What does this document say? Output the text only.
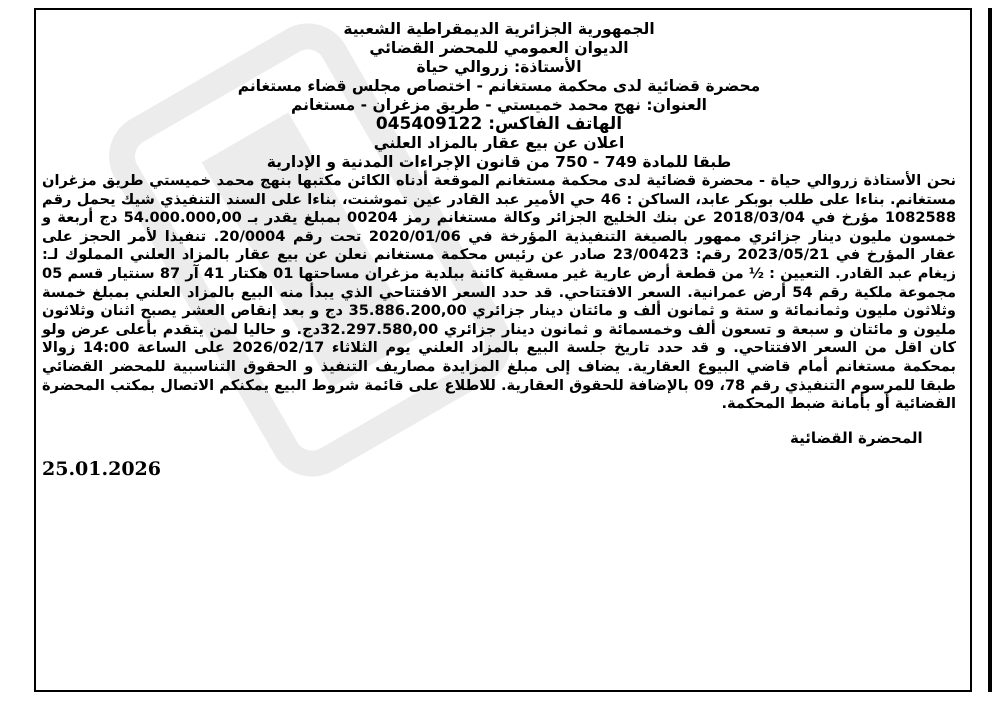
الجمهورية الجزائرية الديمقراطية الشعبية
الديوان العمومي للمحضر القضائي
الأستاذة: زروالي حياة
محضرة قضائية لدى محكمة مستغانم - اختصاص مجلس قضاء مستغانم
العنوان: نهج محمد خميستي - طريق مزغران - مستغانم
الهاتف الفاكس: 045409122
اعلان عن بيع عقار بالمزاد العلني
طبقا للمادة 749 - 750 من قانون الإجراءات المدنية و الإدارية
نحن الأستاذة زروالي حياة - محضرة قضائية لدى محكمة مستغانم الموقعة أدناه الكائن مكتبها بنهج محمد خميستي طريق مزغران مستغانم. بناءا على طلب بوبكر عابد، الساكن : 46 حي الأمير عبد القادر عين تموشنت، بناءا على السند التنفيذي شيك يحمل رقم 1082588 مؤرخ في 2018/03/04 عن بنك الخليج الجزائر وكالة مستغانم رمز 00204 بمبلغ يقدر بـ 54.000.000,00 دج أربعة و خمسون مليون دينار جزائري ممهور بالصيغة التنفيذية المؤرخة في 2020/01/06 تحت رقم 20/0004. تنفيذا لأمر الحجز على عقار المؤرخ في 2023/05/21 رقم: 23/00423 صادر عن رئيس محكمة مستغانم نعلن عن بيع عقار بالمزاد العلني المملوك لـ: زيغام عبد القادر. التعيين : ½ من قطعة أرض عارية غير مسقية كائنة ببلدية مزغران مساحتها 01 هكتار 41 آر 87 سنتيار قسم 05 مجموعة ملكية رقم 54 أرض عمرانية. السعر الافتتاحي. قد حدد السعر الافتتاحي الذي يبدأ منه البيع بالمزاد العلني بمبلغ خمسة وثلاثون مليون وثمانمائة و ستة و ثمانون ألف و مائتان دينار جزائري 35.886.200,00 دج و بعد إنقاص العشر يصبح اثنان وثلاثون مليون و مائتان و سبعة و تسعون ألف وخمسمائة و ثمانون دينار جزائري 32.297.580,00دج. و حاليا لمن يتقدم بأعلى عرض ولو كان اقل من السعر الافتتاحي. و قد حدد تاريخ جلسة البيع بالمزاد العلني يوم الثلاثاء 2026/02/17 على الساعة 14:00 زوالا بمحكمة مستغانم أمام قاضي البيوع العقارية. يضاف إلى مبلغ المزايدة مصاريف التنفيذ و الحقوق التناسبية للمحضر القضائي طبقا للمرسوم التنفيذي رقم 78، 09 بالإضافة للحقوق العقارية. للاطلاع على قائمة شروط البيع يمكنكم الاتصال بمكتب المحضرة القضائية أو بأمانة ضبط المحكمة.
المحضرة القضائية
25.01.2026
